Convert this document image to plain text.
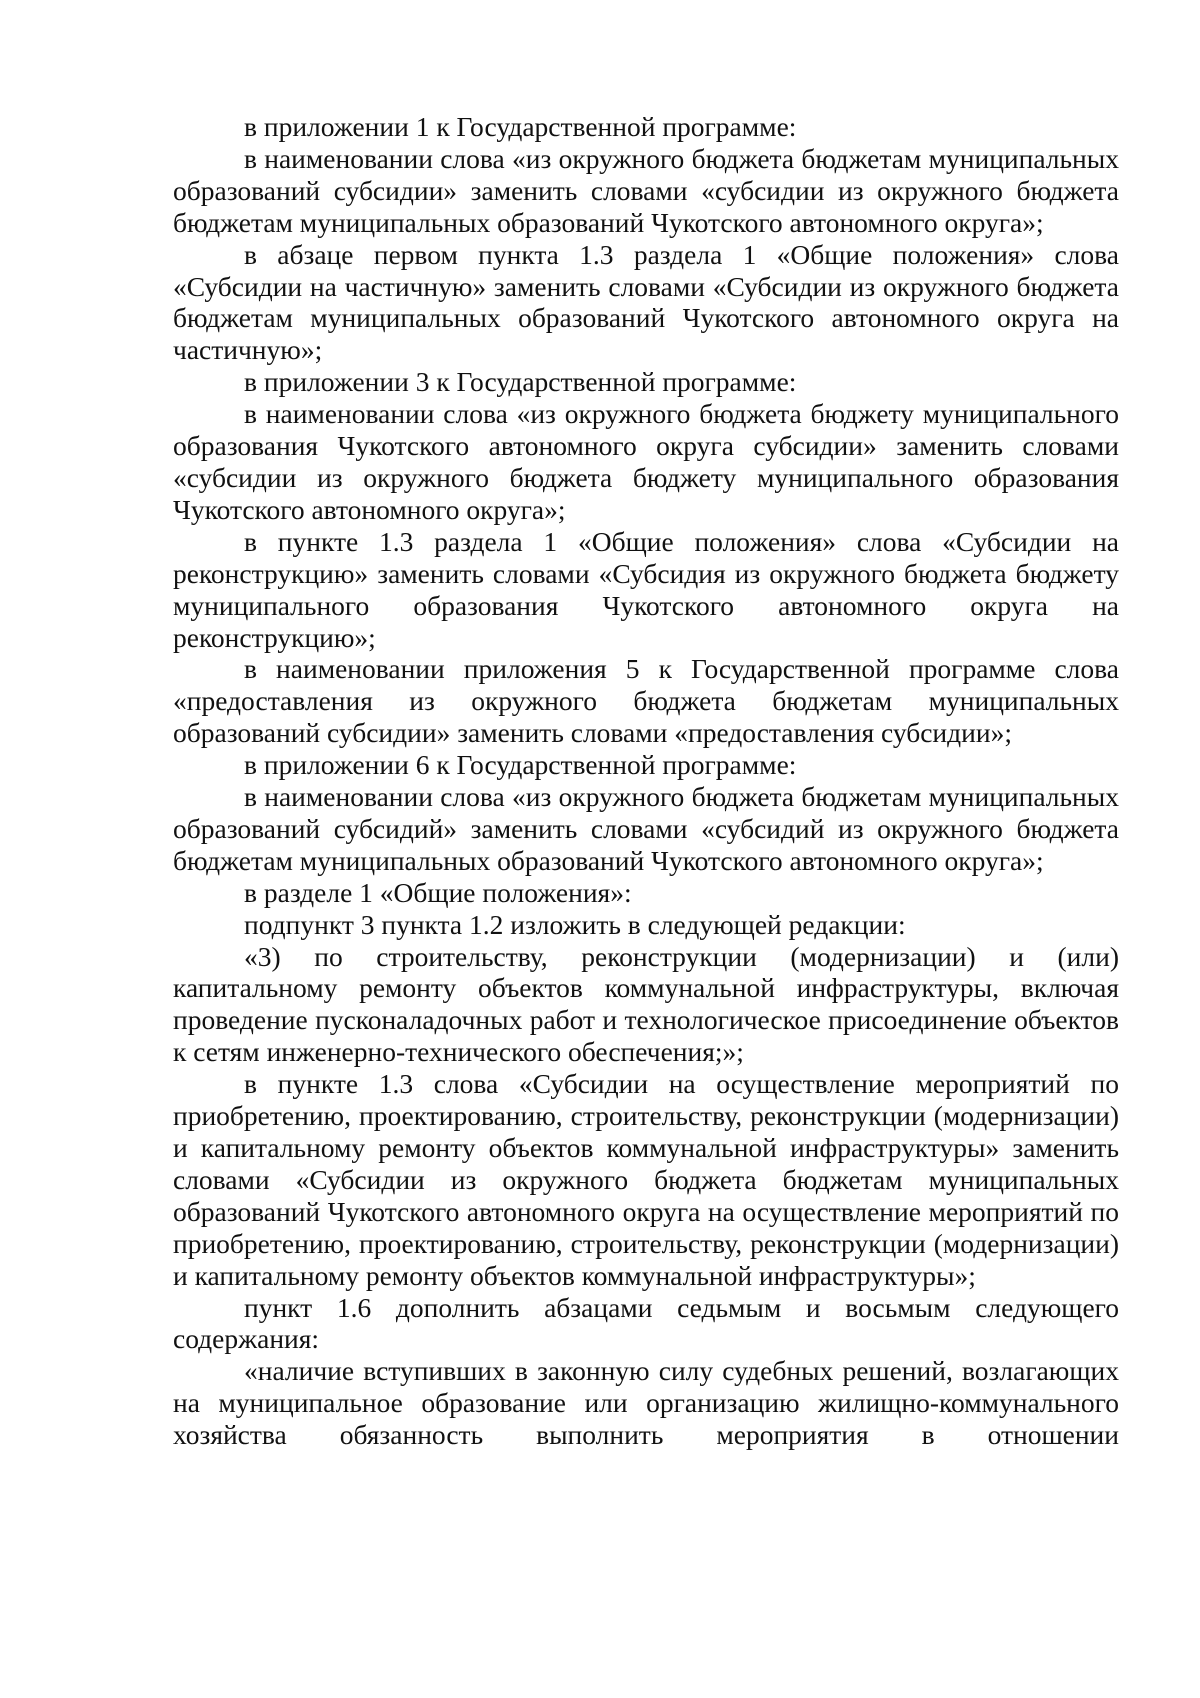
в приложении 1 к Государственной программе:

в наименовании слова «из окружного бюджета бюджетам муниципальных образований субсидии» заменить словами «субсидии из окружного бюджета бюджетам муниципальных образований Чукотского автономного округа»;

в абзаце первом пункта 1.3 раздела 1 «Общие положения» слова «Субсидии на частичную» заменить словами «Субсидии из окружного бюджета бюджетам муниципальных образований Чукотского автономного округа на частичную»;

в приложении 3 к Государственной программе:

в наименовании слова «из окружного бюджета бюджету муниципального образования Чукотского автономного округа субсидии» заменить словами «субсидии из окружного бюджета бюджету муниципального образования Чукотского автономного округа»;

в пункте 1.3 раздела 1 «Общие положения» слова «Субсидии на реконструкцию» заменить словами «Субсидия из окружного бюджета бюджету муниципального образования Чукотского автономного округа на реконструкцию»;

в наименовании приложения 5 к Государственной программе слова «предоставления из окружного бюджета бюджетам муниципальных образований субсидии» заменить словами «предоставления субсидии»;

в приложении 6 к Государственной программе:

в наименовании слова «из окружного бюджета бюджетам муниципальных образований субсидий» заменить словами «субсидий из окружного бюджета бюджетам муниципальных образований Чукотского автономного округа»;

в разделе 1 «Общие положения»:

подпункт 3 пункта 1.2 изложить в следующей редакции:

«3) по строительству, реконструкции (модернизации) и (или) капитальному ремонту объектов коммунальной инфраструктуры, включая проведение пусконаладочных работ и технологическое присоединение объектов к сетям инженерно-технического обеспечения;»;

в пункте 1.3 слова «Субсидии на осуществление мероприятий по приобретению, проектированию, строительству, реконструкции (модернизации) и капитальному ремонту объектов коммунальной инфраструктуры» заменить словами «Субсидии из окружного бюджета бюджетам муниципальных образований Чукотского автономного округа на осуществление мероприятий по приобретению, проектированию, строительству, реконструкции (модернизации) и капитальному ремонту объектов коммунальной инфраструктуры»;

пункт 1.6 дополнить абзацами седьмым и восьмым следующего содержания:

«наличие вступивших в законную силу судебных решений, возлагающих на муниципальное образование или организацию жилищно-коммунального хозяйства обязанность выполнить мероприятия в отношении
